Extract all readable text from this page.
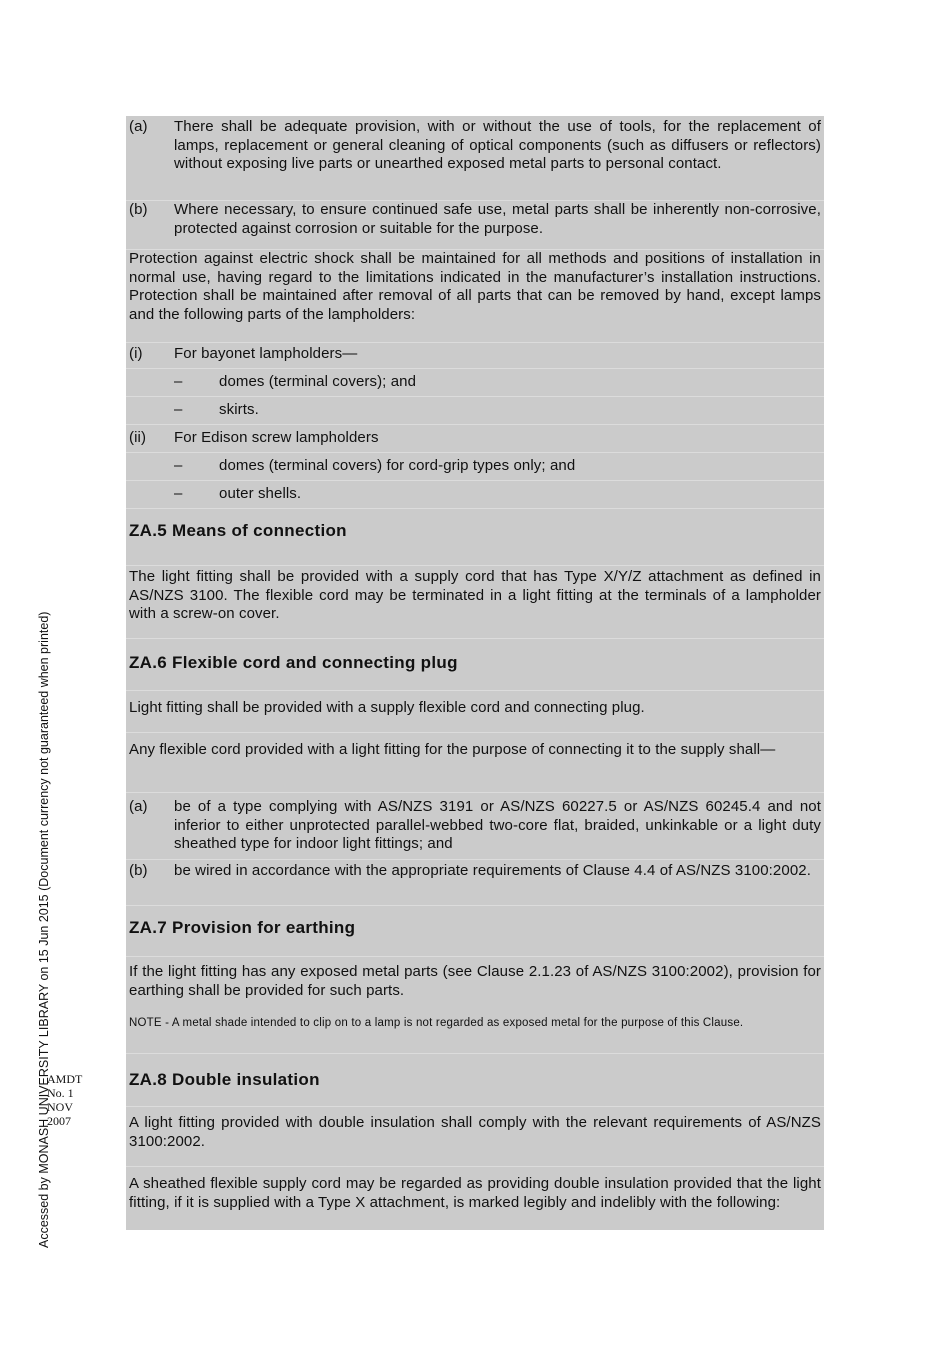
Accessed by MONASH UNIVERSITY LIBRARY on 15 Jun 2015 (Document currency not guaranteed when printed)
AMDT
No. 1
NOV
2007
(a)	There shall be adequate provision, with or without the use of tools, for the replacement of lamps, replacement or general cleaning of optical components (such as diffusers or reflectors) without exposing live parts or unearthed exposed metal parts to personal contact.
(b)	Where necessary, to ensure continued safe use, metal parts shall be inherently non-corrosive, protected against corrosion or suitable for the purpose.
Protection against electric shock shall be maintained for all methods and positions of installation in normal use, having regard to the limitations indicated in the manufacturer’s installation instructions. Protection shall be maintained after removal of all parts that can be removed by hand, except lamps and the following parts of the lampholders:
(i)	For bayonet lampholders—
–	domes (terminal covers); and
–	skirts.
(ii)	For Edison screw lampholders
–	domes (terminal covers) for cord-grip types only; and
–	outer shells.
ZA.5 Means of connection
The light fitting shall be provided with a supply cord that has Type X/Y/Z attachment as defined in AS/NZS 3100. The flexible cord may be terminated in a light fitting at the terminals of a lampholder with a screw-on cover.
ZA.6 Flexible cord and connecting plug
Light fitting shall be provided with a supply flexible cord and connecting plug.
Any flexible cord provided with a light fitting for the purpose of connecting it to the supply shall—
(a)	be of a type complying with AS/NZS 3191 or AS/NZS 60227.5 or AS/NZS 60245.4 and not inferior to either unprotected parallel-webbed two-core flat, braided, unkinkable or a light duty sheathed type for indoor light fittings; and
(b)	be wired in accordance with the appropriate requirements of Clause 4.4 of AS/NZS 3100:2002.
ZA.7 Provision for earthing
If the light fitting has any exposed metal parts (see Clause 2.1.23 of AS/NZS 3100:2002), provision for earthing shall be provided for such parts.
NOTE - A metal shade intended to clip on to a lamp is not regarded as exposed metal for the purpose of this Clause.
ZA.8 Double insulation
A light fitting provided with double insulation shall comply with the relevant requirements of AS/NZS 3100:2002.
A sheathed flexible supply cord may be regarded as providing double insulation provided that the light fitting, if it is supplied with a Type X attachment, is marked legibly and indelibly with the following:
